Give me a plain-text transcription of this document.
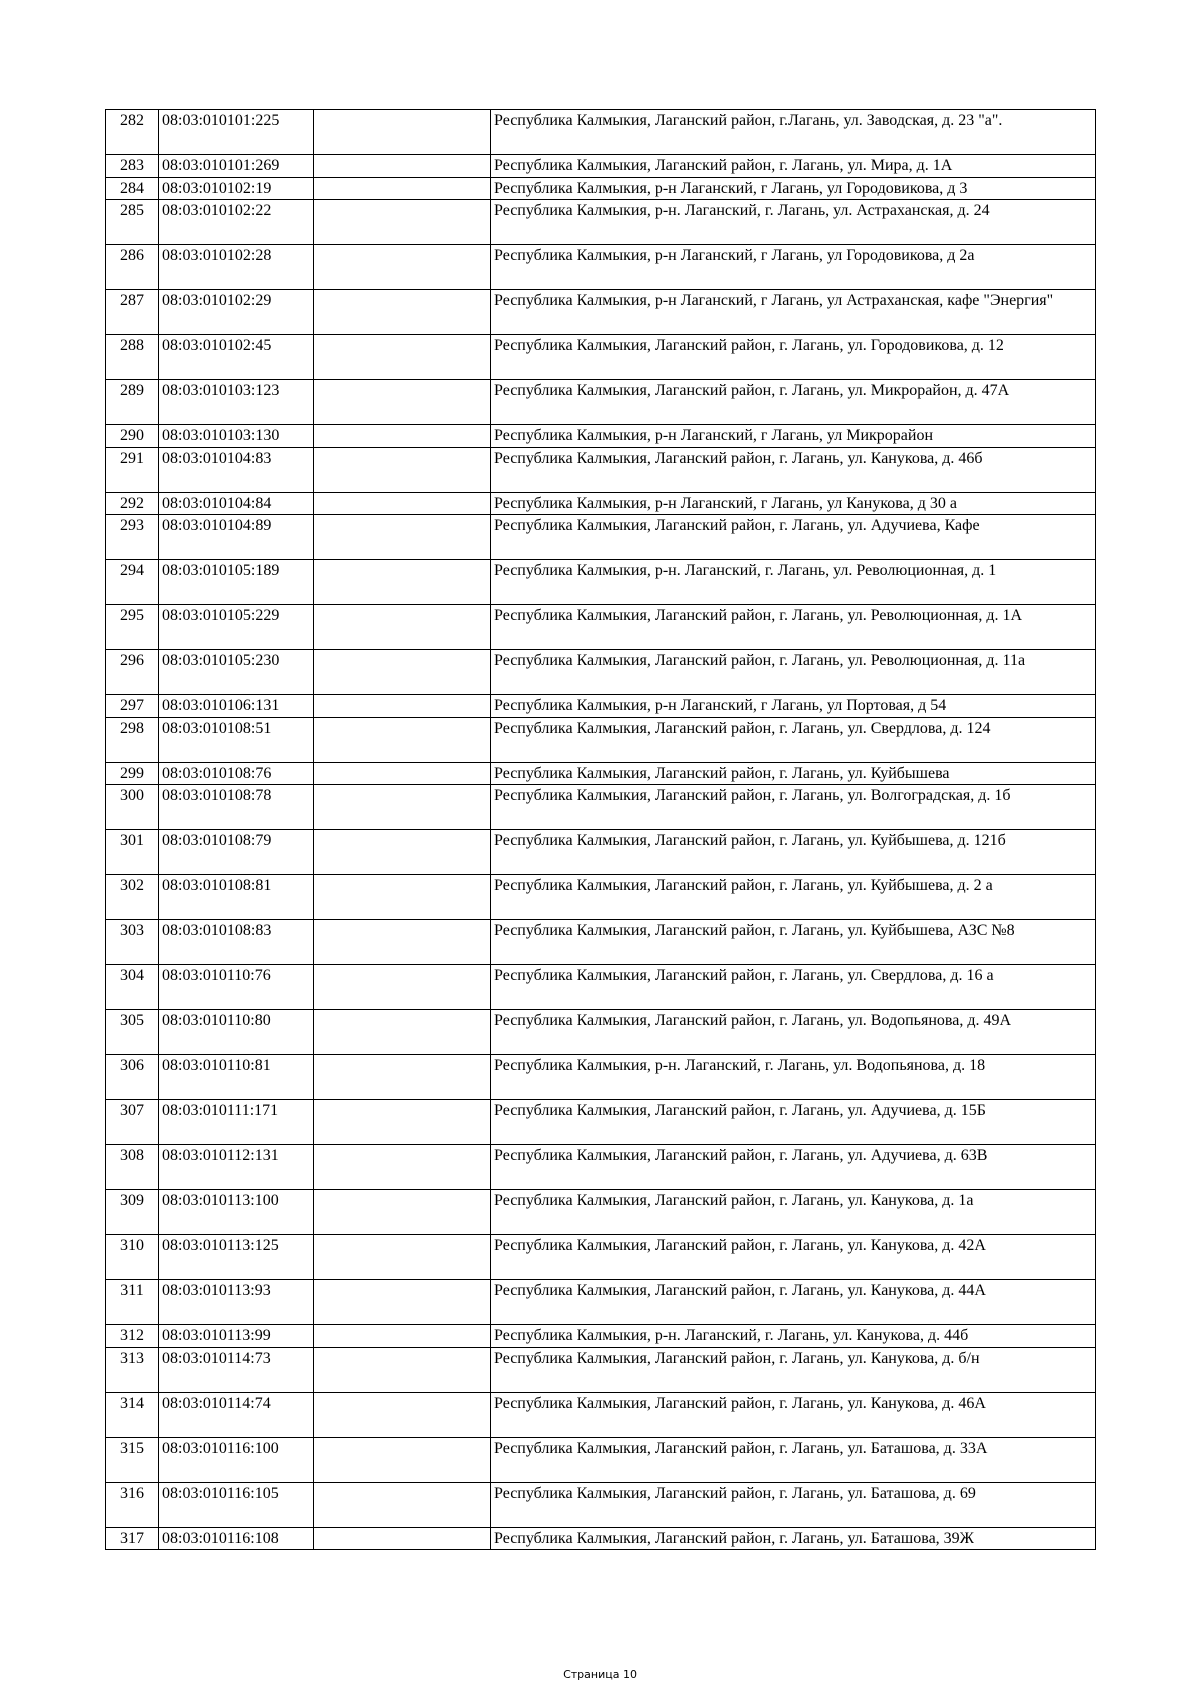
282	08:03:010101:225		Республика Калмыкия, Лаганский район, г.Лагань, ул. Заводская, д. 23 "а".
283	08:03:010101:269		Республика Калмыкия, Лаганский район, г. Лагань, ул. Мира, д. 1А
284	08:03:010102:19		Республика Калмыкия, р-н Лаганский, г Лагань, ул Городовикова, д 3
285	08:03:010102:22		Республика Калмыкия, р-н. Лаганский, г. Лагань, ул. Астраханская, д. 24
286	08:03:010102:28		Республика Калмыкия, р-н Лаганский, г Лагань, ул Городовикова, д 2а
287	08:03:010102:29		Республика Калмыкия, р-н Лаганский, г Лагань, ул Астраханская, кафе "Энергия"
288	08:03:010102:45		Республика Калмыкия, Лаганский район, г. Лагань, ул. Городовикова, д. 12
289	08:03:010103:123		Республика Калмыкия, Лаганский район, г. Лагань, ул. Микрорайон, д. 47А
290	08:03:010103:130		Республика Калмыкия, р-н Лаганский, г Лагань, ул Микрорайон
291	08:03:010104:83		Республика Калмыкия, Лаганский район, г. Лагань, ул. Канукова, д. 46б
292	08:03:010104:84		Республика Калмыкия, р-н Лаганский, г Лагань, ул Канукова, д 30 а
293	08:03:010104:89		Республика Калмыкия, Лаганский район, г. Лагань, ул. Адучиева, Кафе
294	08:03:010105:189		Республика Калмыкия, р-н. Лаганский, г. Лагань, ул. Революционная, д. 1
295	08:03:010105:229		Республика Калмыкия, Лаганский район, г. Лагань, ул. Революционная, д. 1А
296	08:03:010105:230		Республика Калмыкия, Лаганский район, г. Лагань, ул. Революционная, д. 11а
297	08:03:010106:131		Республика Калмыкия, р-н Лаганский, г Лагань, ул Портовая, д 54
298	08:03:010108:51		Республика Калмыкия, Лаганский район, г. Лагань, ул. Свердлова, д. 124
299	08:03:010108:76		Республика Калмыкия, Лаганский район, г. Лагань, ул. Куйбышева
300	08:03:010108:78		Республика Калмыкия, Лаганский район, г. Лагань, ул. Волгоградская, д. 1б
301	08:03:010108:79		Республика Калмыкия, Лаганский район, г. Лагань, ул. Куйбышева, д. 121б
302	08:03:010108:81		Республика Калмыкия, Лаганский район, г. Лагань, ул. Куйбышева, д. 2 а
303	08:03:010108:83		Республика Калмыкия, Лаганский район, г. Лагань, ул. Куйбышева, АЗС №8
304	08:03:010110:76		Республика Калмыкия, Лаганский район, г. Лагань, ул. Свердлова, д. 16 а
305	08:03:010110:80		Республика Калмыкия, Лаганский район, г. Лагань, ул. Водопьянова, д. 49А
306	08:03:010110:81		Республика Калмыкия, р-н. Лаганский, г. Лагань, ул. Водопьянова, д. 18
307	08:03:010111:171		Республика Калмыкия, Лаганский район, г. Лагань, ул. Адучиева, д. 15Б
308	08:03:010112:131		Республика Калмыкия, Лаганский район, г. Лагань, ул. Адучиева, д. 63В
309	08:03:010113:100		Республика Калмыкия, Лаганский район, г. Лагань, ул. Канукова, д. 1а
310	08:03:010113:125		Республика Калмыкия, Лаганский район, г. Лагань, ул. Канукова, д. 42А
311	08:03:010113:93		Республика Калмыкия, Лаганский район, г. Лагань, ул. Канукова, д. 44А
312	08:03:010113:99		Республика Калмыкия, р-н. Лаганский, г. Лагань, ул. Канукова, д. 44б
313	08:03:010114:73		Республика Калмыкия, Лаганский район, г. Лагань, ул. Канукова, д. б/н
314	08:03:010114:74		Республика Калмыкия, Лаганский район, г. Лагань, ул. Канукова, д. 46А
315	08:03:010116:100		Республика Калмыкия, Лаганский район, г. Лагань, ул. Баташова, д. 33А
316	08:03:010116:105		Республика Калмыкия, Лаганский район, г. Лагань, ул. Баташова, д. 69
317	08:03:010116:108		Республика Калмыкия, Лаганский район, г. Лагань, ул. Баташова, 39Ж
Страница 10
